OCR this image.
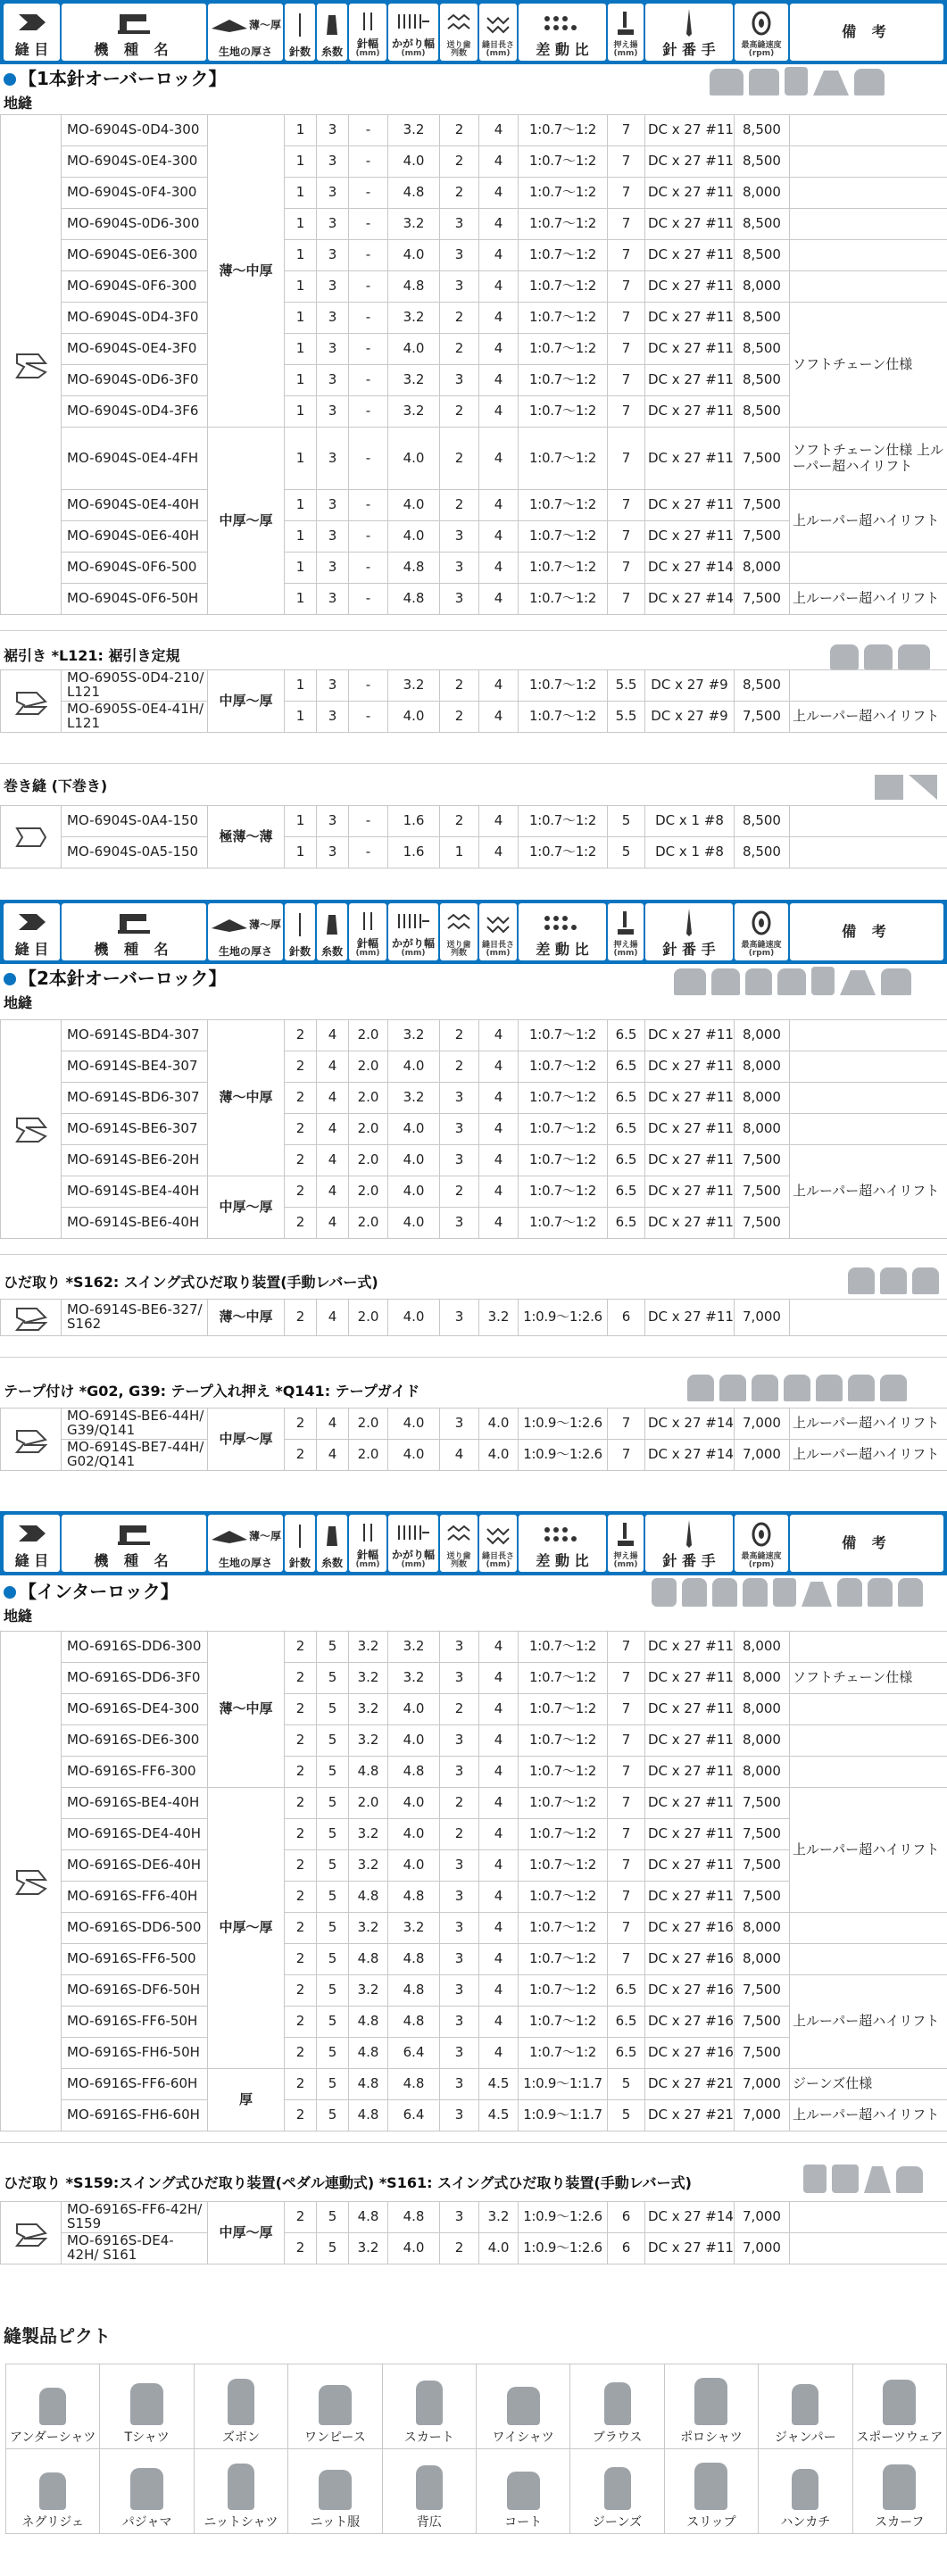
縫 目	機 種 名
薄〜厚
生地の厚さ 針数 糸数
針幅
(mm)
かがり幅
(mm)
送り歯
列数
縫目長さ
(mm) 差 動 比	押え揚
(mm) 針 番 手	最高縫速度
(rpm)
備 考
【1本針オーバーロック】
地縫
	MO-6904S-0D4-300	薄〜中厚	1	3	-	3.2	2	4	1:0.7〜1:2	7	DC x 27 #11	8,500	
	MO-6904S-0E4-300		1	3	-	4.0	2	4	1:0.7〜1:2	7	DC x 27 #11	8,500	
	MO-6904S-0F4-300		1	3	-	4.8	2	4	1:0.7〜1:2	7	DC x 27 #11	8,000	
	MO-6904S-0D6-300		1	3	-	3.2	3	4	1:0.7〜1:2	7	DC x 27 #11	8,500	
	MO-6904S-0E6-300		1	3	-	4.0	3	4	1:0.7〜1:2	7	DC x 27 #11	8,500	
	MO-6904S-0F6-300		1	3	-	4.8	3	4	1:0.7〜1:2	7	DC x 27 #11	8,000	
	MO-6904S-0D4-3F0		1	3	-	3.2	2	4	1:0.7〜1:2	7	DC x 27 #11	8,500	ソフトチェーン仕様
	MO-6904S-0E4-3F0		1	3	-	4.0	2	4	1:0.7〜1:2	7	DC x 27 #11	8,500	
	MO-6904S-0D6-3F0		1	3	-	3.2	3	4	1:0.7〜1:2	7	DC x 27 #11	8,500	
	MO-6904S-0D4-3F6		1	3	-	3.2	2	4	1:0.7〜1:2	7	DC x 27 #11	8,500	
	MO-6904S-0E4-4FH	中厚〜厚	1	3	-	4.0	2	4	1:0.7〜1:2	7	DC x 27 #11	7,500	ソフトチェーン仕様 上ルーパー超ハイリフト
	MO-6904S-0E4-40H		1	3	-	4.0	2	4	1:0.7〜1:2	7	DC x 27 #11	7,500	上ルーパー超ハイリフト
	MO-6904S-0E6-40H		1	3	-	4.0	3	4	1:0.7〜1:2	7	DC x 27 #11	7,500	
	MO-6904S-0F6-500		1	3	-	4.8	3	4	1:0.7〜1:2	7	DC x 27 #14	8,000	
	MO-6904S-0F6-50H		1	3	-	4.8	3	4	1:0.7〜1:2	7	DC x 27 #14	7,500	上ルーパー超ハイリフト
裾引き *L121: 裾引き定規
	MO-6905S-0D4-210/ L121	中厚〜厚	1	3	-	3.2	2	4	1:0.7〜1:2	5.5	DC x 27 #9	8,500	
	MO-6905S-0E4-41H/ L121		1	3	-	4.0	2	4	1:0.7〜1:2	5.5	DC x 27 #9	7,500	上ルーパー超ハイリフト
巻き縫 (下巻き)
	MO-6904S-0A4-150	極薄〜薄	1	3	-	1.6	2	4	1:0.7〜1:2	5	DC x 1 #8	8,500	
	MO-6904S-0A5-150		1	3	-	1.6	1	4	1:0.7〜1:2	5	DC x 1 #8	8,500	
縫 目	機 種 名
薄〜厚
生地の厚さ 針数 糸数
針幅
(mm)
かがり幅
(mm)
送り歯
列数
縫目長さ
(mm) 差 動 比	押え揚
(mm) 針 番 手	最高縫速度
(rpm)
備 考
【2本針オーバーロック】
地縫
	MO-6914S-BD4-307	薄〜中厚	2	4	2.0	3.2	2	4	1:0.7〜1:2	6.5	DC x 27 #11	8,000	
	MO-6914S-BE4-307		2	4	2.0	4.0	2	4	1:0.7〜1:2	6.5	DC x 27 #11	8,000	
	MO-6914S-BD6-307		2	4	2.0	3.2	3	4	1:0.7〜1:2	6.5	DC x 27 #11	8,000	
	MO-6914S-BE6-307		2	4	2.0	4.0	3	4	1:0.7〜1:2	6.5	DC x 27 #11	8,000	
	MO-6914S-BE6-20H		2	4	2.0	4.0	3	4	1:0.7〜1:2	6.5	DC x 27 #11	7,500	上ルーパー超ハイリフト
	MO-6914S-BE4-40H	中厚〜厚	2	4	2.0	4.0	2	4	1:0.7〜1:2	6.5	DC x 27 #11	7,500	
	MO-6914S-BE6-40H		2	4	2.0	4.0	3	4	1:0.7〜1:2	6.5	DC x 27 #11	7,500	
ひだ取り *S162: スイング式ひだ取り装置(手動レバー式)
	MO-6914S-BE6-327/ S162	薄〜中厚	2	4	2.0	4.0	3	3.2	1:0.9〜1:2.6	6	DC x 27 #11	7,000	
テープ付け *G02, G39: テープ入れ押え *Q141: テープガイド
	MO-6914S-BE6-44H/ G39/Q141	中厚〜厚	2	4	2.0	4.0	3	4.0	1:0.9〜1:2.6	7	DC x 27 #14	7,000	上ルーパー超ハイリフト
	MO-6914S-BE7-44H/ G02/Q141		2	4	2.0	4.0	4	4.0	1:0.9〜1:2.6	7	DC x 27 #14	7,000	上ルーパー超ハイリフト
縫 目	機 種 名
薄〜厚
生地の厚さ 針数 糸数
針幅
(mm)
かがり幅
(mm)
送り歯
列数
縫目長さ
(mm) 差 動 比	押え揚
(mm) 針 番 手	最高縫速度
(rpm)
備 考
【インターロック】
地縫
	MO-6916S-DD6-300	薄〜中厚	2	5	3.2	3.2	3	4	1:0.7〜1:2	7	DC x 27 #11	8,000	
	MO-6916S-DD6-3F0		2	5	3.2	3.2	3	4	1:0.7〜1:2	7	DC x 27 #11	8,000	ソフトチェーン仕様
	MO-6916S-DE4-300		2	5	3.2	4.0	2	4	1:0.7〜1:2	7	DC x 27 #11	8,000	
	MO-6916S-DE6-300		2	5	3.2	4.0	3	4	1:0.7〜1:2	7	DC x 27 #11	8,000	
	MO-6916S-FF6-300		2	5	4.8	4.8	3	4	1:0.7〜1:2	7	DC x 27 #11	8,000	
	MO-6916S-BE4-40H	中厚〜厚	2	5	2.0	4.0	2	4	1:0.7〜1:2	7	DC x 27 #11	7,500	上ルーパー超ハイリフト
	MO-6916S-DE4-40H		2	5	3.2	4.0	2	4	1:0.7〜1:2	7	DC x 27 #11	7,500	
	MO-6916S-DE6-40H		2	5	3.2	4.0	3	4	1:0.7〜1:2	7	DC x 27 #11	7,500	
	MO-6916S-FF6-40H		2	5	4.8	4.8	3	4	1:0.7〜1:2	7	DC x 27 #11	7,500	
	MO-6916S-DD6-500		2	5	3.2	3.2	3	4	1:0.7〜1:2	7	DC x 27 #16	8,000	
	MO-6916S-FF6-500		2	5	4.8	4.8	3	4	1:0.7〜1:2	7	DC x 27 #16	8,000	
	MO-6916S-DF6-50H		2	5	3.2	4.8	3	4	1:0.7〜1:2	6.5	DC x 27 #16	7,500	上ルーパー超ハイリフト
	MO-6916S-FF6-50H		2	5	4.8	4.8	3	4	1:0.7〜1:2	6.5	DC x 27 #16	7,500	
	MO-6916S-FH6-50H		2	5	4.8	6.4	3	4	1:0.7〜1:2	6.5	DC x 27 #16	7,500	
	MO-6916S-FF6-60H	厚	2	5	4.8	4.8	3	4.5	1:0.9〜1:1.7	5	DC x 27 #21	7,000	ジーンズ仕様
	MO-6916S-FH6-60H		2	5	4.8	6.4	3	4.5	1:0.9〜1:1.7	5	DC x 27 #21	7,000	上ルーパー超ハイリフト
ひだ取り *S159:スイング式ひだ取り装置(ペダル連動式) *S161: スイング式ひだ取り装置(手動レバー式)
	MO-6916S-FF6-42H/ S159	中厚〜厚	2	5	4.8	4.8	3	3.2	1:0.9〜1:2.6	6	DC x 27 #14	7,000	
	MO-6916S-DE4-42H/ S161		2	5	3.2	4.0	2	4.0	1:0.9〜1:2.6	6	DC x 27 #11	7,000	
縫製品ピクト
アンダーシャツ	Tシャツ	ズボン	ワンピース	スカート	ワイシャツ	ブラウス	ポロシャツ	ジャンパー	スポーツウェア

ネグリジェ	パジャマ	ニットシャツ	ニット服	背広	コート	ジーンズ	スリップ	ハンカチ	スカーフ
